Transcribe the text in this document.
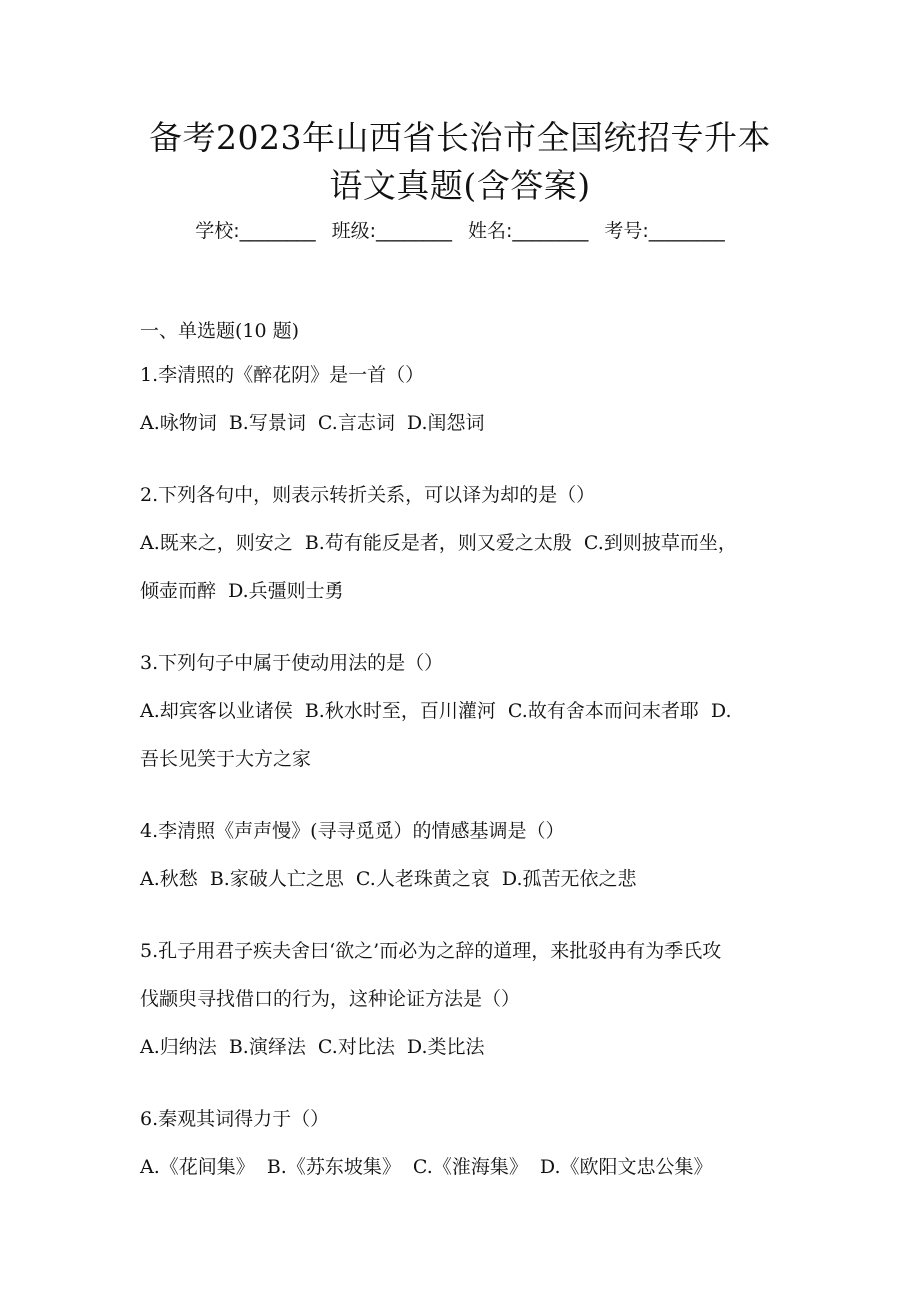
备考2023年山西省长治市全国统招专升本
语文真题(含答案)
学校:________ 班级:________ 姓名:________ 考号:________
一、单选题(10 题)
1.李清照的《醉花阴》是一首（）
A.咏物词  B.写景词  C.言志词  D.闺怨词
2.下列各句中，则表示转折关系，可以译为却的是（）
A.既来之，则安之  B.苟有能反是者，则又爱之太殷  C.到则披草而坐，
倾壶而醉  D.兵彊则士勇
3.下列句子中属于使动用法的是（）
A.却宾客以业诸侯  B.秋水时至，百川灌河  C.故有舍本而问末者耶  D.
吾长见笑于大方之家
4.李清照《声声慢》(寻寻觅觅）的情感基调是（）
A.秋愁  B.家破人亡之思  C.人老珠黄之哀  D.孤苦无依之悲
5.孔子用君子疾夫舍曰‘欲之’而必为之辞的道理，来批驳冉有为季氏攻
伐颛臾寻找借口的行为，这种论证方法是（）
A.归纳法  B.演绎法  C.对比法  D.类比法
6.秦观其词得力于（）
A.《花间集》  B.《苏东坡集》  C.《淮海集》  D.《欧阳文忠公集》
